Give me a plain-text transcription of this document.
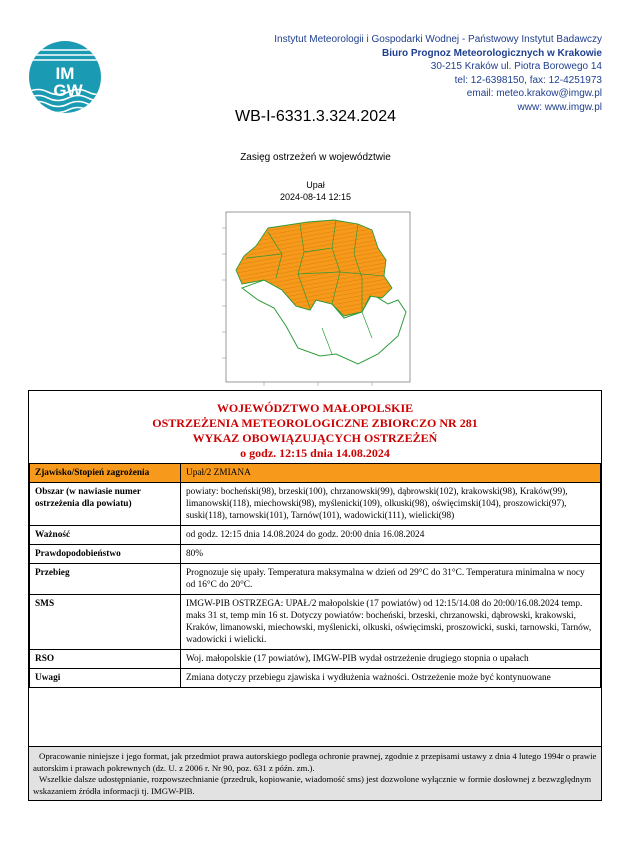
IM
GW
Instytut Meteorologii i Gospodarki Wodnej - Państwowy Instytut Badawczy
Biuro Prognoz Meteorologicznych w Krakowie
30-215 Kraków ul. Piotra Borowego 14
tel: 12-6398150, fax: 12-4251973
email: meteo.krakow@imgw.pl
www: www.imgw.pl
WB-I-6331.3.324.2024
Zasięg ostrzeżeń w województwie
Upał
2024-08-14 12:15
WOJEWÓDZTWO MAŁOPOLSKIE
OSTRZEŻENIA METEOROLOGICZNE ZBIORCZO NR 281
WYKAZ OBOWIĄZUJĄCYCH OSTRZEŻEŃ
o godz. 12:15 dnia 14.08.2024
Zjawisko/Stopień zagrożenia	Upał/2 ZMIANA
Obszar (w nawiasie numer ostrzeżenia dla powiatu)	powiaty: bocheński(98), brzeski(100), chrzanowski(99), dąbrowski(102), krakowski(98), Kraków(99), limanowski(118), miechowski(98), myślenicki(109), olkuski(98), oświęcimski(104), proszowicki(97), suski(118), tarnowski(101), Tarnów(101), wadowicki(111), wielicki(98)
Ważność	od godz. 12:15 dnia 14.08.2024 do godz. 20:00 dnia 16.08.2024
Prawdopodobieństwo	80%
Przebieg	Prognozuje się upały. Temperatura maksymalna w dzień od 29°C do 31°C. Temperatura minimalna w nocy od 16°C do 20°C.
SMS	IMGW-PIB OSTRZEGA: UPAŁ/2 małopolskie (17 powiatów) od 12:15/14.08 do 20:00/16.08.2024 temp. maks 31 st, temp min 16 st. Dotyczy powiatów: bocheński, brzeski, chrzanowski, dąbrowski, krakowski, Kraków, limanowski, miechowski, myślenicki, olkuski, oświęcimski, proszowicki, suski, tarnowski, Tarnów, wadowicki i wielicki.
RSO	Woj. małopolskie (17 powiatów), IMGW-PIB wydał ostrzeżenie drugiego stopnia o upałach
Uwagi	Zmiana dotyczy przebiegu zjawiska i wydłużenia ważności. Ostrzeżenie może być kontynuowane

Opracowanie niniejsze i jego format, jak przedmiot prawa autorskiego podlega ochronie prawnej, zgodnie z przepisami ustawy z dnia 4 lutego 1994r o prawie autorskim i prawach pokrewnych (dz. U. z 2006 r. Nr 90, poz. 631 z późn. zm.).

Wszelkie dalsze udostępnianie, rozpowszechnianie (przedruk, kopiowanie, wiadomość sms) jest dozwolone wyłącznie w formie dosłownej z bezwzględnym wskazaniem źródła informacji tj. IMGW-PIB.
